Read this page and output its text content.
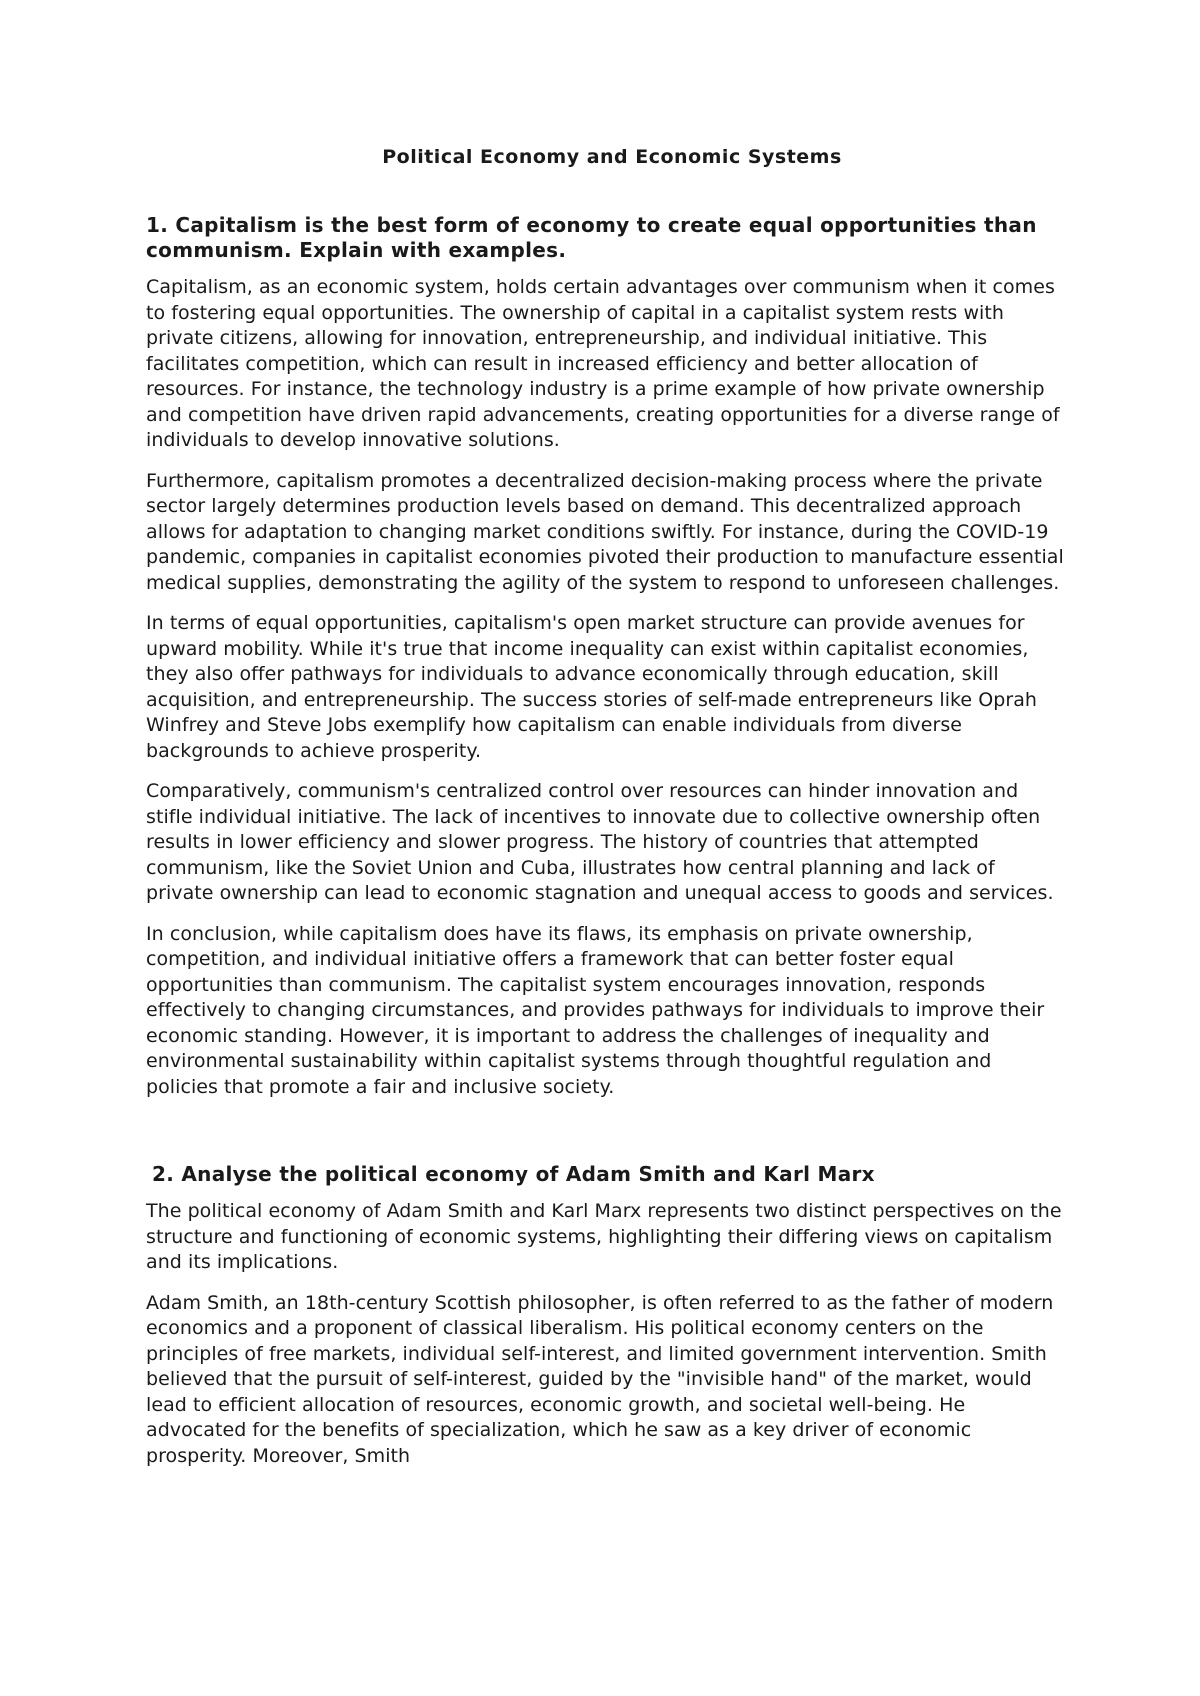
Political Economy and Economic Systems
1. Capitalism is the best form of economy to create equal opportunities than communism. Explain with examples.

Capitalism, as an economic system, holds certain advantages over communism when it comes to fostering equal opportunities. The ownership of capital in a capitalist system rests with private citizens, allowing for innovation, entrepreneurship, and individual initiative. This facilitates competition, which can result in increased efficiency and better allocation of resources. For instance, the technology industry is a prime example of how private ownership and competition have driven rapid advancements, creating opportunities for a diverse range of individuals to develop innovative solutions.

Furthermore, capitalism promotes a decentralized decision-making process where the private sector largely determines production levels based on demand. This decentralized approach allows for adaptation to changing market conditions swiftly. For instance, during the COVID-19 pandemic, companies in capitalist economies pivoted their production to manufacture essential medical supplies, demonstrating the agility of the system to respond to unforeseen challenges.

In terms of equal opportunities, capitalism's open market structure can provide avenues for upward mobility. While it's true that income inequality can exist within capitalist economies, they also offer pathways for individuals to advance economically through education, skill acquisition, and entrepreneurship. The success stories of self-made entrepreneurs like Oprah Winfrey and Steve Jobs exemplify how capitalism can enable individuals from diverse backgrounds to achieve prosperity.

Comparatively, communism's centralized control over resources can hinder innovation and stifle individual initiative. The lack of incentives to innovate due to collective ownership often results in lower efficiency and slower progress. The history of countries that attempted communism, like the Soviet Union and Cuba, illustrates how central planning and lack of private ownership can lead to economic stagnation and unequal access to goods and services.

In conclusion, while capitalism does have its flaws, its emphasis on private ownership, competition, and individual initiative offers a framework that can better foster equal opportunities than communism. The capitalist system encourages innovation, responds effectively to changing circumstances, and provides pathways for individuals to improve their economic standing. However, it is important to address the challenges of inequality and environmental sustainability within capitalist systems through thoughtful regulation and policies that promote a fair and inclusive society.

2. Analyse the political economy of Adam Smith and Karl Marx

The political economy of Adam Smith and Karl Marx represents two distinct perspectives on the structure and functioning of economic systems, highlighting their differing views on capitalism and its implications.

Adam Smith, an 18th-century Scottish philosopher, is often referred to as the father of modern economics and a proponent of classical liberalism. His political economy centers on the principles of free markets, individual self-interest, and limited government intervention. Smith believed that the pursuit of self-interest, guided by the "invisible hand" of the market, would lead to efficient allocation of resources, economic growth, and societal well-being. He advocated for the benefits of specialization, which he saw as a key driver of economic prosperity. Moreover, Smith
